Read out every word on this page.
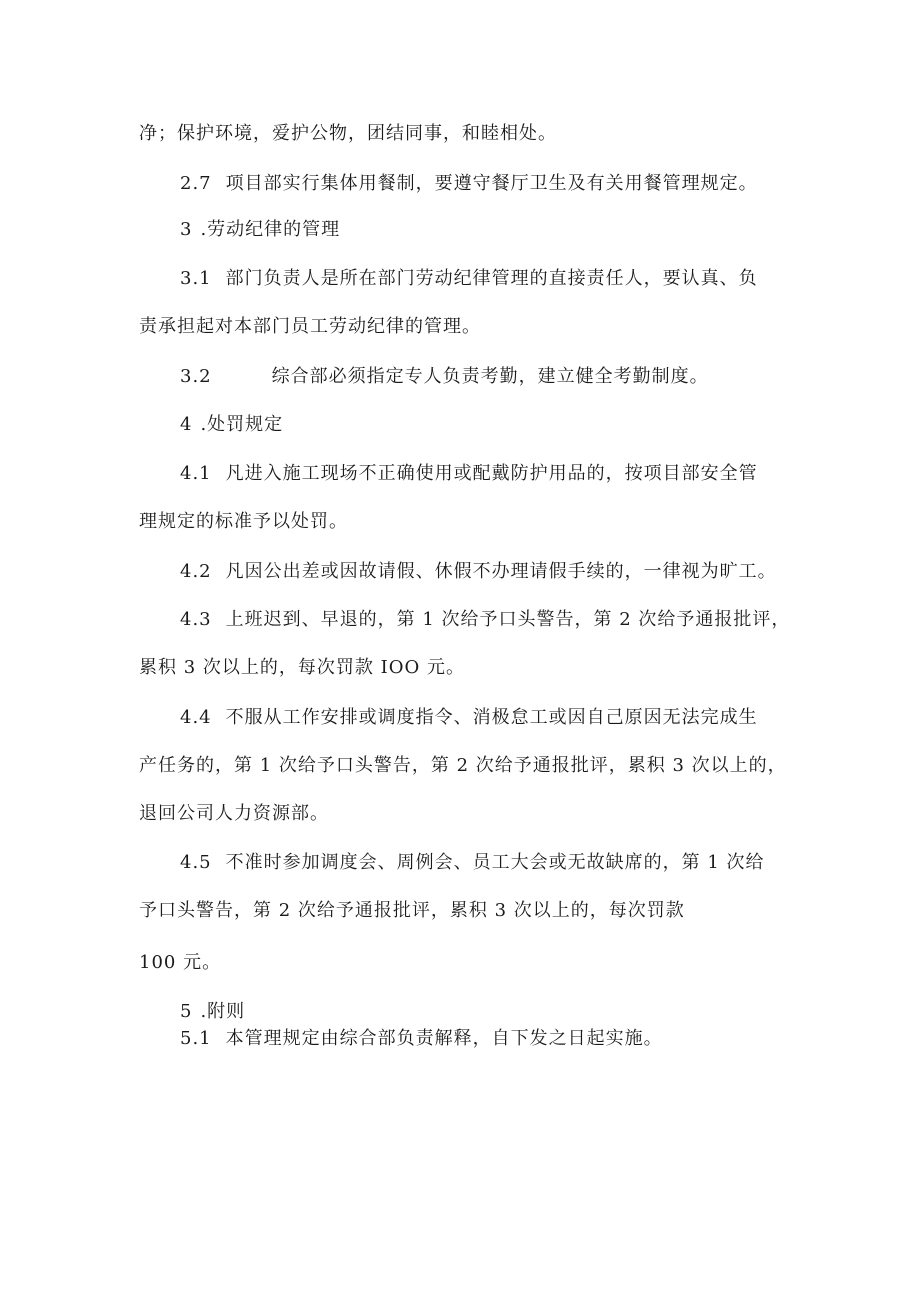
净；保护环境，爱护公物，团结同事，和睦相处。
2.7 项目部实行集体用餐制，要遵守餐厅卫生及有关用餐管理规定。
3 .劳动纪律的管理
3.1 部门负责人是所在部门劳动纪律管理的直接责任人，要认真、负
责承担起对本部门员工劳动纪律的管理。
3.2	综合部必须指定专人负责考勤，建立健全考勤制度。
4 .处罚规定
4.1 凡进入施工现场不正确使用或配戴防护用品的，按项目部安全管
理规定的标准予以处罚。
4.2 凡因公出差或因故请假、休假不办理请假手续的，一律视为旷工。
4.3 上班迟到、早退的，第 1 次给予口头警告，第 2 次给予通报批评，
累积 3 次以上的，每次罚款 IOO 元。
4.4 不服从工作安排或调度指令、消极怠工或因自己原因无法完成生
产任务的，第 1 次给予口头警告，第 2 次给予通报批评，累积 3 次以上的，
退回公司人力资源部。
4.5 不准时参加调度会、周例会、员工大会或无故缺席的，第 1 次给
予口头警告，第 2 次给予通报批评，累积 3 次以上的，每次罚款
100 元。
5 .附则
5.1 本管理规定由综合部负责解释，自下发之日起实施。
